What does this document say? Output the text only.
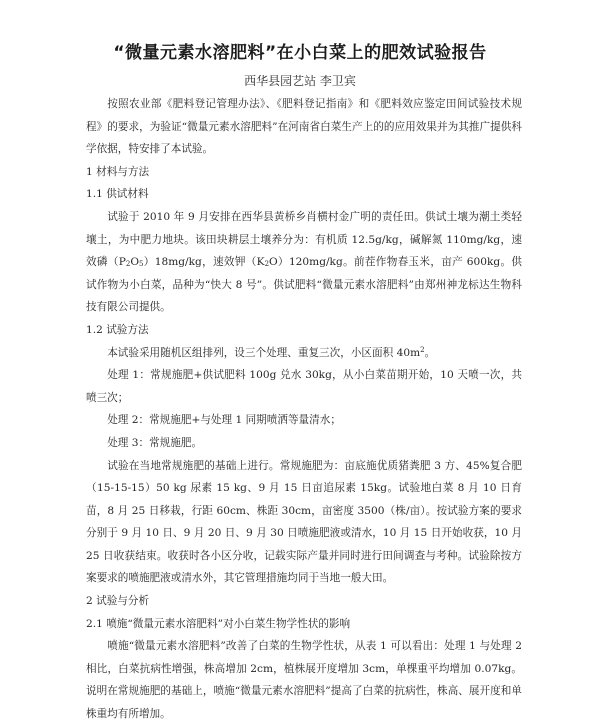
“微量元素水溶肥料”在小白菜上的肥效试验报告
西华县园艺站 李卫宾

按照农业部《肥料登记管理办法》、《肥料登记指南》和《肥料效应鉴定田间试验技术规程》的要求，为验证“微量元素水溶肥料”在河南省白菜生产上的的应用效果并为其推广提供科学依据，特安排了本试验。

1 材料与方法

1.1 供试材料

试验于 2010 年 9 月安排在西华县黄桥乡肖横村金广明的责任田。供试土壤为潮土类轻壤土，为中肥力地块。该田块耕层土壤养分为：有机质 12.5g/kg，碱解氮 110mg/kg，速效磷$(P_2O_5)18mg/kg$，速效钾$(K_2O)120mg/kg$。前茬作物春玉米，亩产 600kg。供试作物为小白菜，品种为“快大 8 号”。供试肥料“微量元素水溶肥料”由郑州神龙标达生物科技有限公司提供。

1.2 试验方法

本试验采用随机区组排列，设三个处理、重复三次，小区面积 $40m^2$。

处理 1：常规施肥+供试肥料 100g 兑水 30kg，从小白菜苗期开始，10 天喷一次，共喷三次；

处理 2：常规施肥+与处理 1 同期喷洒等量清水；

处理 3：常规施肥。

试验在当地常规施肥的基础上进行。常规施肥为：亩底施优质猪粪肥 3 方、45%复合肥（15-15-15）50 kg 尿素 15 kg、9 月 15 日亩追尿素 15kg。试验地白菜 8 月 10 日育苗，8 月 25 日移栽，行距 60cm、株距 30cm，亩密度 3500（株/亩）。按试验方案的要求分别于 9 月 10 日、9 月 20 日、9 月 30 日喷施肥液或清水，10 月 15 日开始收获，10 月 25 日收获结束。收获时各小区分收，记载实际产量并同时进行田间调查与考种。试验除按方案要求的喷施肥液或清水外，其它管理措施均同于当地一般大田。

2 试验与分析

2.1 喷施“微量元素水溶肥料”对小白菜生物学性状的影响

喷施“微量元素水溶肥料”改善了白菜的生物学性状，从表 1 可以看出：处理 1 与处理 2 相比，白菜抗病性增强，株高增加 2cm，植株展开度增加 3cm，单棵重平均增加 0.07kg。说明在常规施肥的基础上，喷施“微量元素水溶肥料”提高了白菜的抗病性，株高、展开度和单株重均有所增加。
